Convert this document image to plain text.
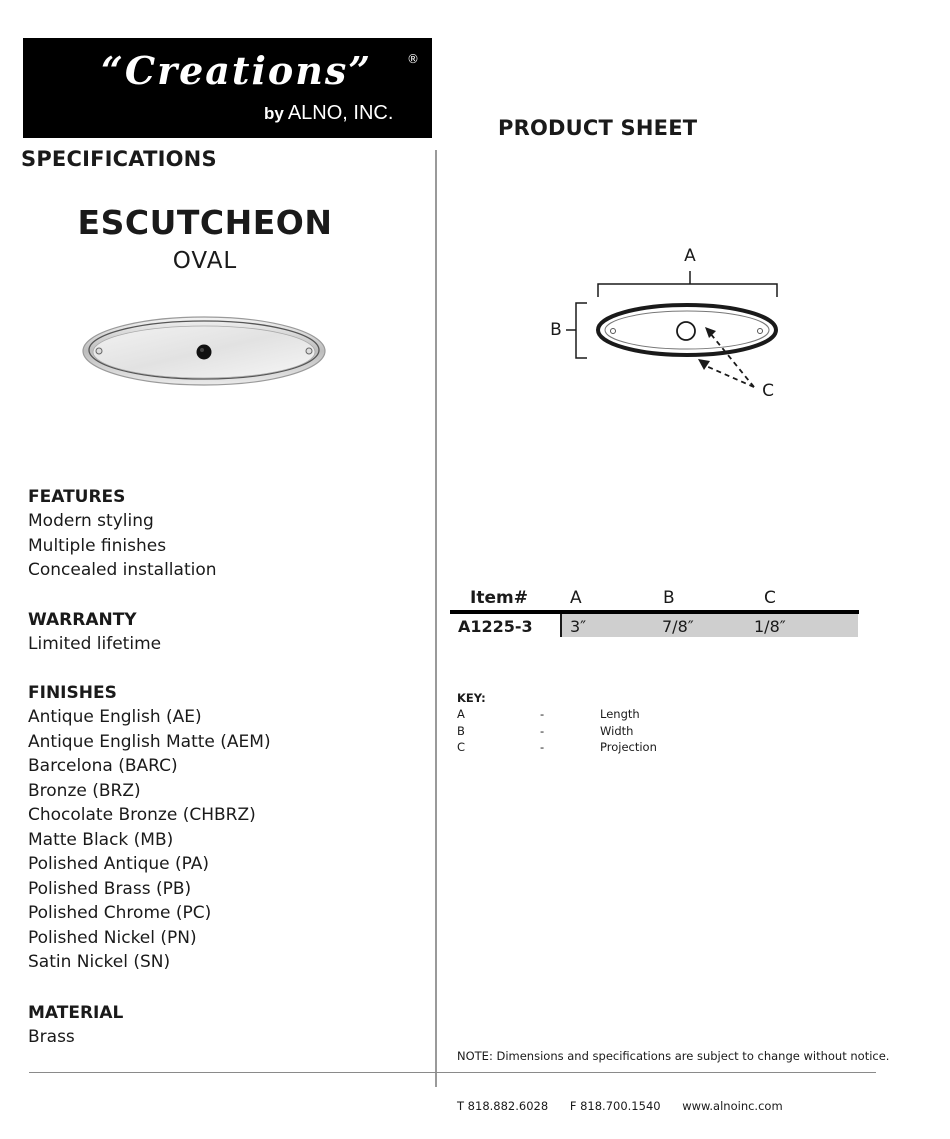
“Creations”	®
by ALNO, INC.
PRODUCT SHEET
SPECIFICATIONS
ESCUTCHEON
OVAL	A
B
C
FEATURES
Modern styling
Multiple finishes
Concealed installation
WARRANTY
Limited lifetime
FINISHES
Antique English (AE)
Antique English Matte (AEM)
Barcelona (BARC)
Bronze (BRZ)
Chocolate Bronze (CHBRZ)
Matte Black (MB)
Polished Antique (PA)
Polished Brass (PB)
Polished Chrome (PC)
Polished Nickel (PN)
Satin Nickel (SN)
MATERIAL
Brass
Item# A	B	C
A1225-3 3″	7/8″	1/8″
KEY:
A	-	Length
B	-	Width
C	-	Projection
NOTE: Dimensions and specifications are subject to change without notice.
T 818.882.6028 F 818.700.1540 www.alnoinc.com
